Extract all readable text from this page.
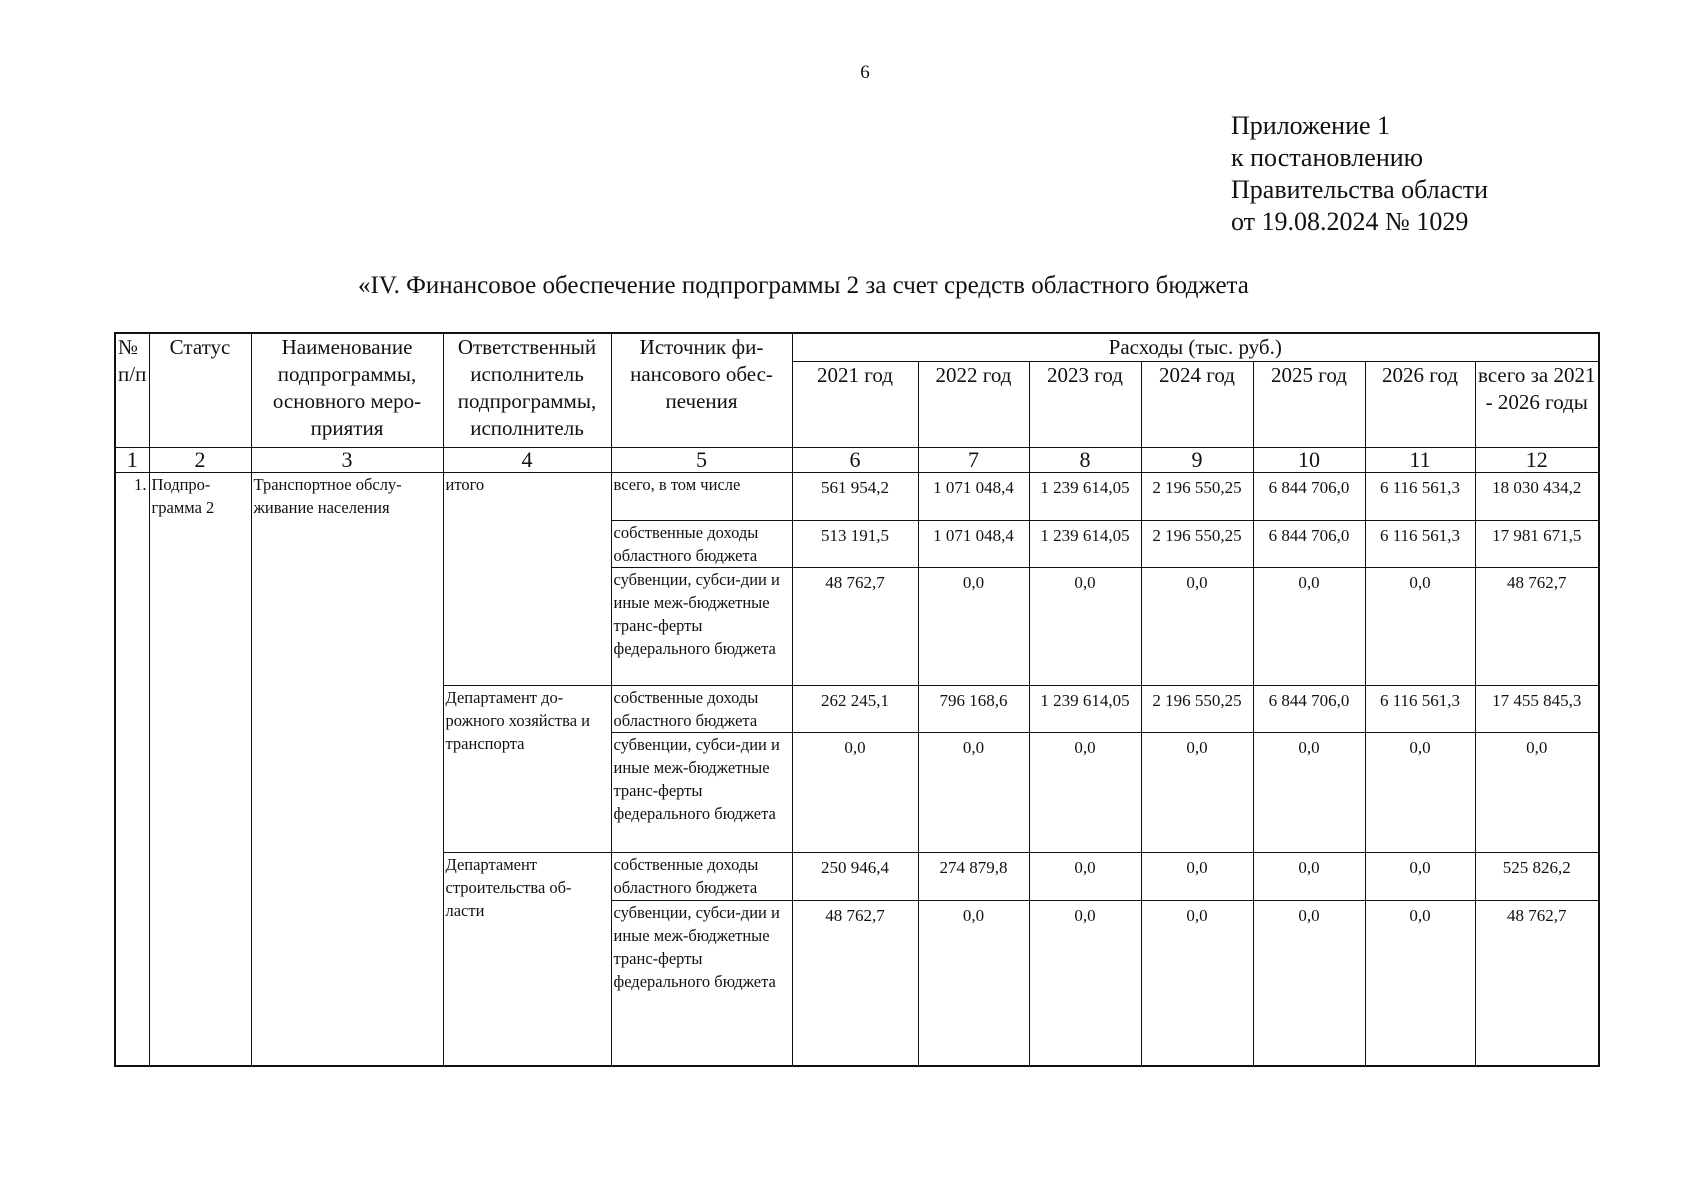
6
Приложение 1
к постановлению
Правительства области
от 19.08.2024 № 1029
«IV. Финансовое обеспечение подпрограммы 2 за счет средств областного бюджета
№ п/п	Статус	Наименование подпрограммы, основного меро-приятия	Ответственный исполнитель подпрограммы, исполнитель	Источник фи-нансового обес-печения	Расходы (тыс. руб.)						
					2021 год	2022 год	2023 год	2024 год	2025 год	2026 год	всего за 2021 - 2026 годы
1	2	3	4	5	6	7	8	9	10	11	12
1.	Подпро-грамма 2	Транспортное обслу-живание населения	итого	всего, в том числе	561 954,2	1 071 048,4	1 239 614,05	2 196 550,25	6 844 706,0	6 116 561,3	18 030 434,2
				собственные доходы областного бюджета	513 191,5	1 071 048,4	1 239 614,05	2 196 550,25	6 844 706,0	6 116 561,3	17 981 671,5
				субвенции, субси-дии и иные меж-бюджетные транс-ферты федерального бюджета	48 762,7	0,0	0,0	0,0	0,0	0,0	48 762,7
			Департамент до-рожного хозяйства и транспорта	собственные доходы областного бюджета	262 245,1	796 168,6	1 239 614,05	2 196 550,25	6 844 706,0	6 116 561,3	17 455 845,3
				субвенции, субси-дии и иные меж-бюджетные транс-ферты федерального бюджета	0,0	0,0	0,0	0,0	0,0	0,0	0,0
			Департамент строительства об-ласти	собственные доходы областного бюджета	250 946,4	274 879,8	0,0	0,0	0,0	0,0	525 826,2
				субвенции, субси-дии и иные меж-бюджетные транс-ферты федерального бюджета	48 762,7	0,0	0,0	0,0	0,0	0,0	48 762,7
